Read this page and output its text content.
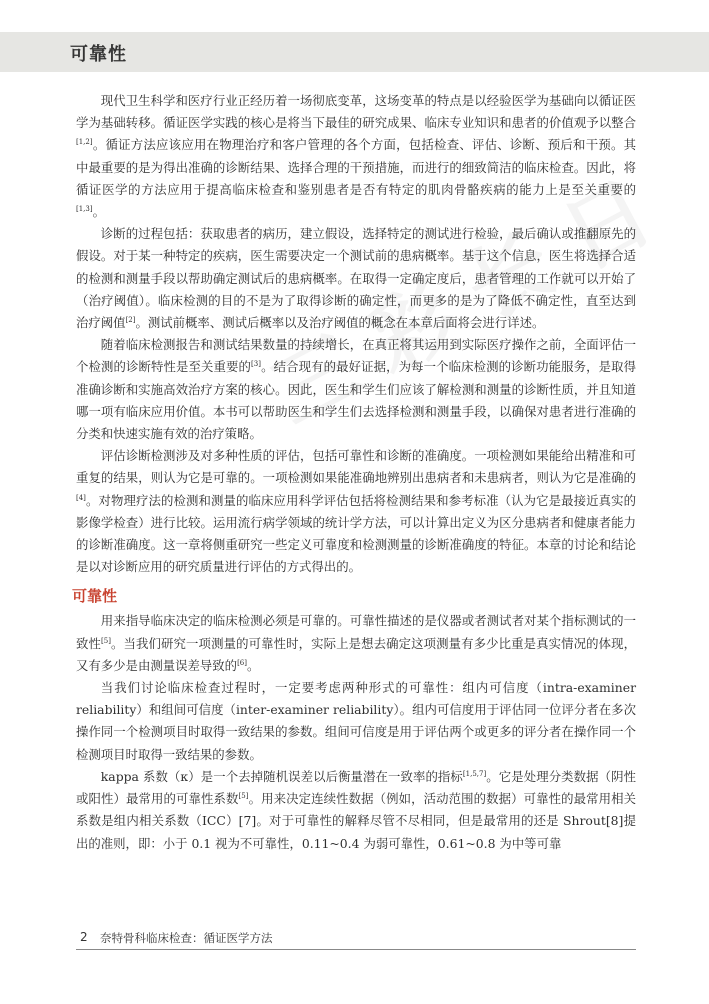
可靠性

现代卫生科学和医疗行业正经历着一场彻底变革，这场变革的特点是以经验医学为基础向以循证医学为基础转移。循证医学实践的核心是将当下最佳的研究成果、临床专业知识和患者的价值观予以整合[1,2]。循证方法应该应用在物理治疗和客户管理的各个方面，包括检查、评估、诊断、预后和干预。其中最重要的是为得出准确的诊断结果、选择合理的干预措施，而进行的细致简洁的临床检查。因此，将循证医学的方法应用于提高临床检查和鉴别患者是否有特定的肌肉骨骼疾病的能力上是至关重要的[1,3]。

诊断的过程包括：获取患者的病历，建立假设，选择特定的测试进行检验，最后确认或推翻原先的假设。对于某一种特定的疾病，医生需要决定一个测试前的患病概率。基于这个信息，医生将选择合适的检测和测量手段以帮助确定测试后的患病概率。在取得一定确定度后，患者管理的工作就可以开始了（治疗阈值）。临床检测的目的不是为了取得诊断的确定性，而更多的是为了降低不确定性，直至达到治疗阈值[2]。测试前概率、测试后概率以及治疗阈值的概念在本章后面将会进行详述。

随着临床检测报告和测试结果数量的持续增长，在真正将其运用到实际医疗操作之前，全面评估一个检测的诊断特性是至关重要的[3]。结合现有的最好证据，为每一个临床检测的诊断功能服务，是取得准确诊断和实施高效治疗方案的核心。因此，医生和学生们应该了解检测和测量的诊断性质，并且知道哪一项有临床应用价值。本书可以帮助医生和学生们去选择检测和测量手段，以确保对患者进行准确的分类和快速实施有效的治疗策略。

评估诊断检测涉及对多种性质的评估，包括可靠性和诊断的准确度。一项检测如果能给出精准和可重复的结果，则认为它是可靠的。一项检测如果能准确地辨别出患病者和未患病者，则认为它是准确的[4]。对物理疗法的检测和测量的临床应用科学评估包括将检测结果和参考标准（认为它是最接近真实的影像学检查）进行比较。运用流行病学领域的统计学方法，可以计算出定义为区分患病者和健康者能力的诊断准确度。这一章将侧重研究一些定义可靠度和检测测量的诊断准确度的特征。本章的讨论和结论是以对诊断应用的研究质量进行评估的方式得出的。

可靠性

用来指导临床决定的临床检测必须是可靠的。可靠性描述的是仪器或者测试者对某个指标测试的一致性[5]。当我们研究一项测量的可靠性时，实际上是想去确定这项测量有多少比重是真实情况的体现，又有多少是由测量误差导致的[6]。

当我们讨论临床检查过程时，一定要考虑两种形式的可靠性：组内可信度（intra-examiner reliability）和组间可信度（inter-examiner reliability）。组内可信度用于评估同一位评分者在多次操作同一个检测项目时取得一致结果的参数。组间可信度是用于评估两个或更多的评分者在操作同一个检测项目时取得一致结果的参数。

kappa 系数（κ）是一个去掉随机误差以后衡量潜在一致率的指标[1,5,7]。它是处理分类数据（阴性或阳性）最常用的可靠性系数[5]。用来决定连续性数据（例如，活动范围的数据）可靠性的最常用相关系数是组内相关系数（ICC）[7]。对于可靠性的解释尽管不尽相同，但是最常用的还是 Shrout[8]提出的准则，即：小于 0.1 视为不可靠性，0.11~0.4 为弱可靠性，0.61~0.8 为中等可靠

2 奈特骨科临床检查：循证医学方法
